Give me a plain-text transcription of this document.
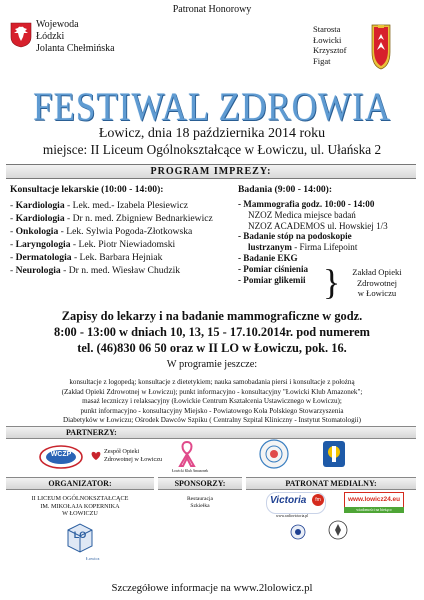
Patronat Honorowy
Wojewoda
Łódzki
Jolanta Chełmińska
Starosta
Łowicki
Krzysztof
Figat
FESTIWAL ZDROWIA
Łowicz, dnia 18 października 2014 roku
miejsce: II Liceum Ogólnokształcące w Łowiczu, ul. Ułańska 2
PROGRAM IMPREZY:
Konsultacje lekarskie (10:00 - 14:00):
- Kardiologia - Lek. med.- Izabela Plesiewicz
- Kardiologia - Dr n. med. Zbigniew Bednarkiewicz
- Onkologia - Lek. Sylwia Pogoda-Złotkowska
- Laryngologia - Lek. Piotr Niewiadomski
- Dermatologia - Lek. Barbara Hejniak
- Neurologia - Dr n. med. Wiesław Chudzik
Badania (9:00 - 14:00):
- Mammografia godz. 10:00 - 14:00
NZOZ Medica miejsce badań
NZOZ ACADEMOS ul. Howskiej 1/3
- Badanie stóp na podoskopie
lustrzanym - Firma Lifepoint
- Badanie EKG
- Pomiar ciśnienia
- Pomiar glikemii }	Zakład Opieki
Zdrowotnej
w Łowiczu
Zapisy do lekarzy i na badanie mammograficzne w godz.
8:00 - 13:00 w dniach 10, 13, 15 - 17.10.2014r. pod numerem
tel. (46)830 06 50 oraz w II LO w Łowiczu, pok. 16.
W programie jeszcze:
konsultacje z logopedą; konsultacje z dietetykiem; nauka samobadania piersi i konsultacje z położną
(Zakład Opieki Zdrowotnej w Łowiczu); punkt informacyjno - konsultacyjny "Łowicki Klub Amazonek";
masaż leczniczy i relaksacyjny (Łowickie Centrum Kształcenia Ustawicznego w Łowiczu);
punkt informacyjno - konsultacyjny Miejsko - Powiatowego Koła Polskiego Stowarzyszenia
Diabetyków w Łowiczu; Ośrodek Dawców Szpiku ( Centralny Szpital Kliniczny - Instytut Stomatologii)
PARTNERZY:
WCZP	Zespół Opieki
Zdrowotnej w Łowiczu
Łowicki Klub Amazonek
ORGANIZATOR:	SPONSORZY:	PATRONAT MEDIALNY:
II LICEUM OGÓLNOKSZTAŁCĄCE
IM. MIKOŁAJA KOPERNIKA
W ŁOWICZU
LO
Łowicz
Restauracja
Szkiełka	Victoria	fm
www.radiovictoria.pl
www.lowicz24.eu
wiadomości na bieżąco
Szczegółowe informacje na www.2lolowicz.pl
